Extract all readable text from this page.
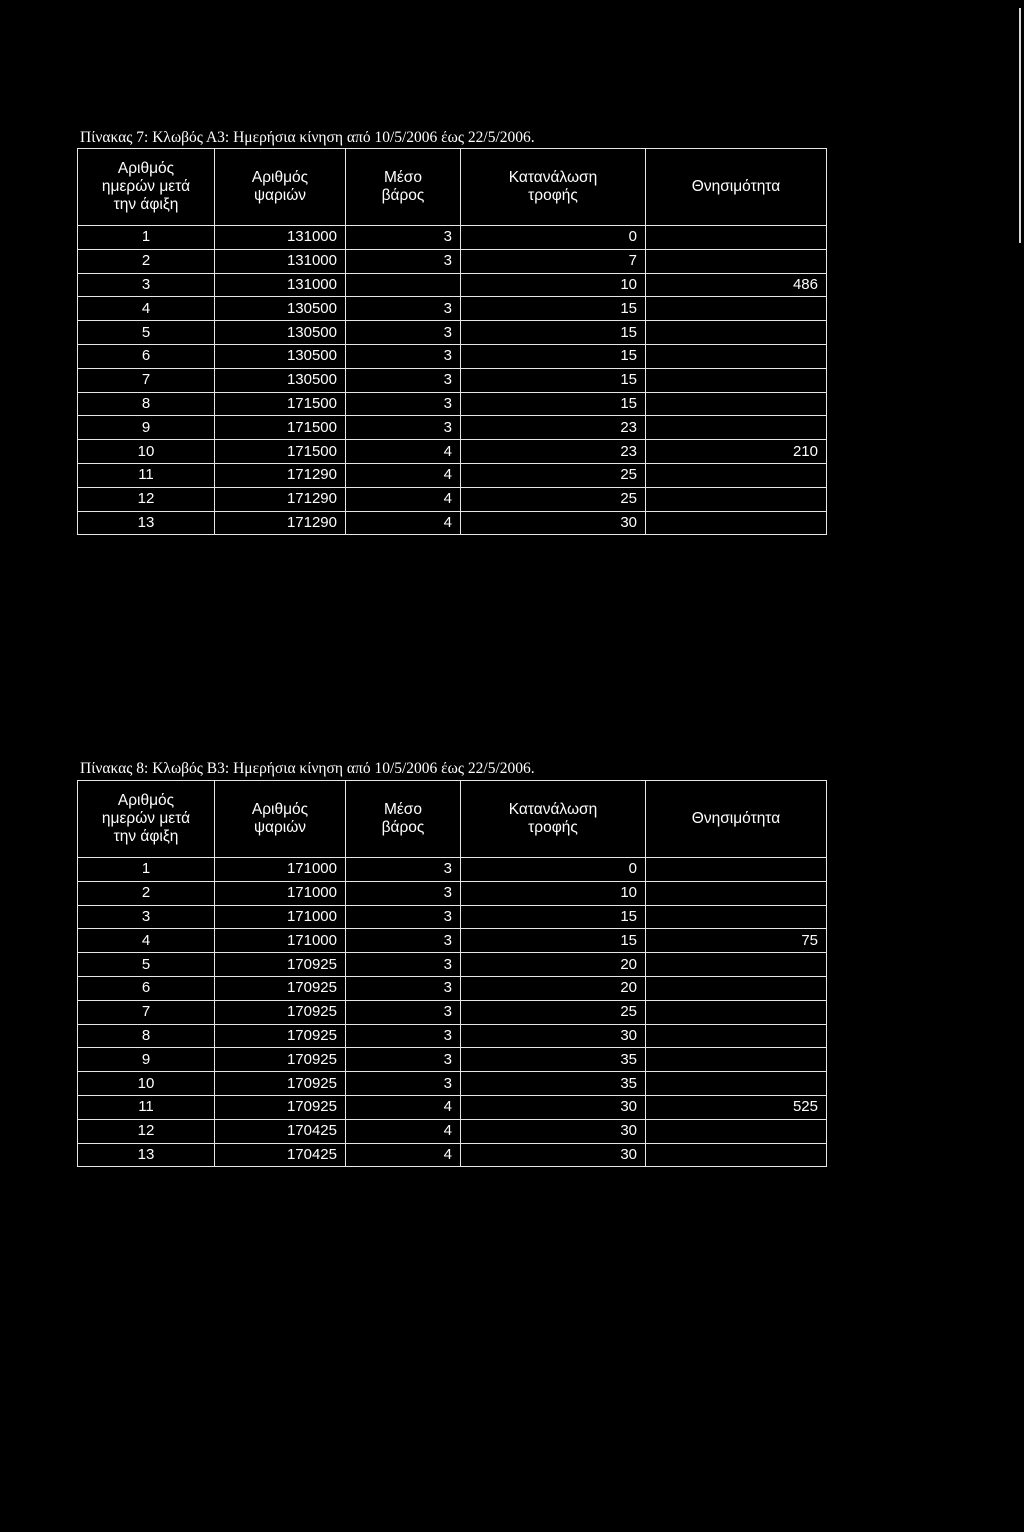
Πίνακας 7: Κλωβός Α3: Ημερήσια κίνηση από 10/5/2006 έως 22/5/2006.
Αριθμός
ημερών μετά
την άφιξη	Αριθμός
ψαριών	Μέσο
βάρος	Κατανάλωση
τροφής	Θνησιμότητα
1	131000	3	0	
2	131000	3	7	
3	131000		10	486
4	130500	3	15	
5	130500	3	15	
6	130500	3	15	
7	130500	3	15	
8	171500	3	15	
9	171500	3	23	
10	171500	4	23	210
11	171290	4	25	
12	171290	4	25	
13	171290	4	30	
Πίνακας 8: Κλωβός Β3: Ημερήσια κίνηση από 10/5/2006 έως 22/5/2006.
Αριθμός
ημερών μετά
την άφιξη	Αριθμός
ψαριών	Μέσο
βάρος	Κατανάλωση
τροφής	Θνησιμότητα
1	171000	3	0	
2	171000	3	10	
3	171000	3	15	
4	171000	3	15	75
5	170925	3	20	
6	170925	3	20	
7	170925	3	25	
8	170925	3	30	
9	170925	3	35	
10	170925	3	35	
11	170925	4	30	525
12	170425	4	30	
13	170425	4	30	
